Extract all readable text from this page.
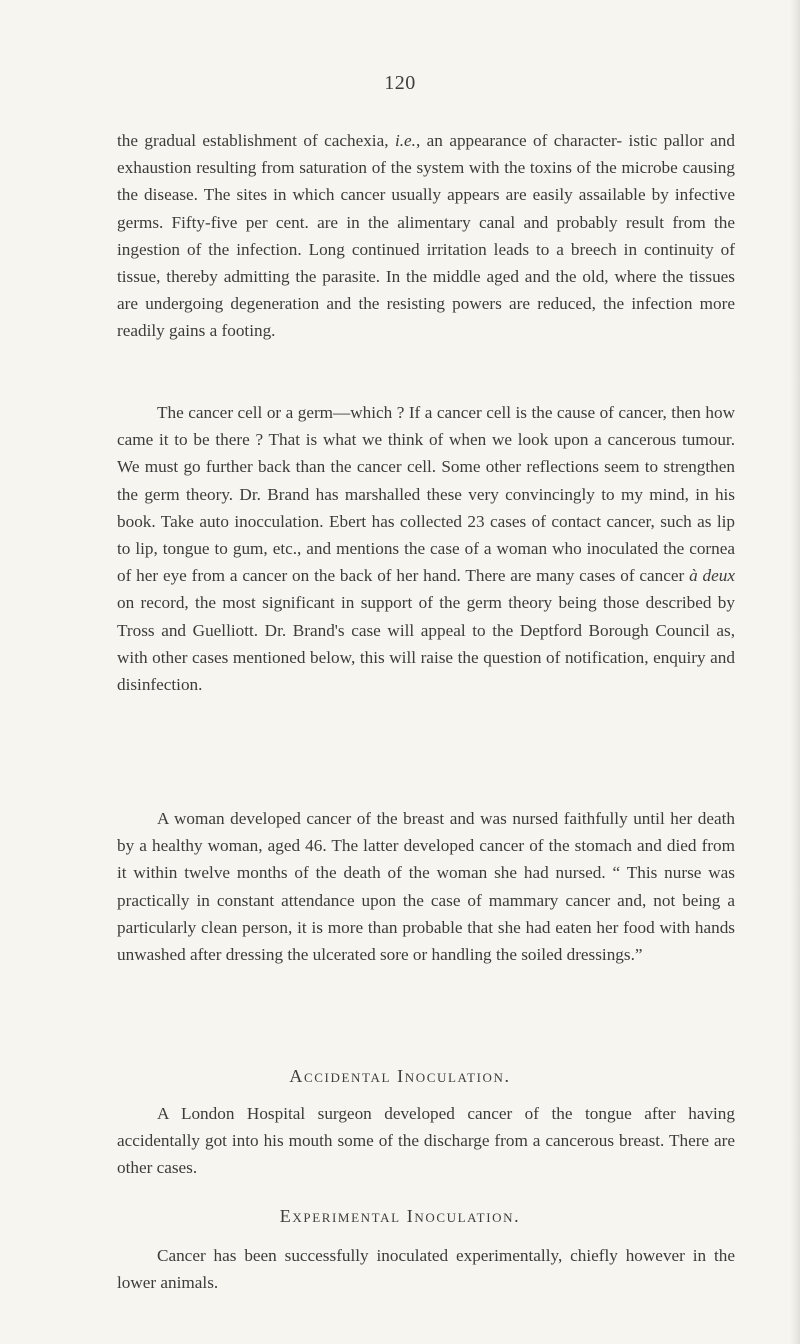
120

the gradual establishment of cachexia, i.e., an appearance of character- istic pallor and exhaustion resulting from saturation of the system with the toxins of the microbe causing the disease. The sites in which cancer usually appears are easily assailable by infective germs. Fifty-five per cent. are in the alimentary canal and probably result from the ingestion of the infection. Long continued irritation leads to a breech in continuity of tissue, thereby admitting the parasite. In the middle aged and the old, where the tissues are undergoing degeneration and the resisting powers are reduced, the infection more readily gains a footing.

The cancer cell or a germ—which ? If a cancer cell is the cause of cancer, then how came it to be there ? That is what we think of when we look upon a cancerous tumour. We must go further back than the cancer cell. Some other reflections seem to strengthen the germ theory. Dr. Brand has marshalled these very convincingly to my mind, in his book. Take auto inocculation. Ebert has collected 23 cases of contact cancer, such as lip to lip, tongue to gum, etc., and mentions the case of a woman who inoculated the cornea of her eye from a cancer on the back of her hand. There are many cases of cancer à deux on record, the most significant in support of the germ theory being those described by Tross and Guelliott. Dr. Brand's case will appeal to the Deptford Borough Council as, with other cases mentioned below, this will raise the question of notification, enquiry and disinfection.

A woman developed cancer of the breast and was nursed faithfully until her death by a healthy woman, aged 46. The latter developed cancer of the stomach and died from it within twelve months of the death of the woman she had nursed. “ This nurse was practically in constant attendance upon the case of mammary cancer and, not being a particularly clean person, it is more than probable that she had eaten her food with hands unwashed after dressing the ulcerated sore or handling the soiled dressings.”

Accidental Inoculation.

A London Hospital surgeon developed cancer of the tongue after having accidentally got into his mouth some of the discharge from a cancerous breast. There are other cases.

Experimental Inoculation.

Cancer has been successfully inoculated experimentally, chiefly however in the lower animals.
